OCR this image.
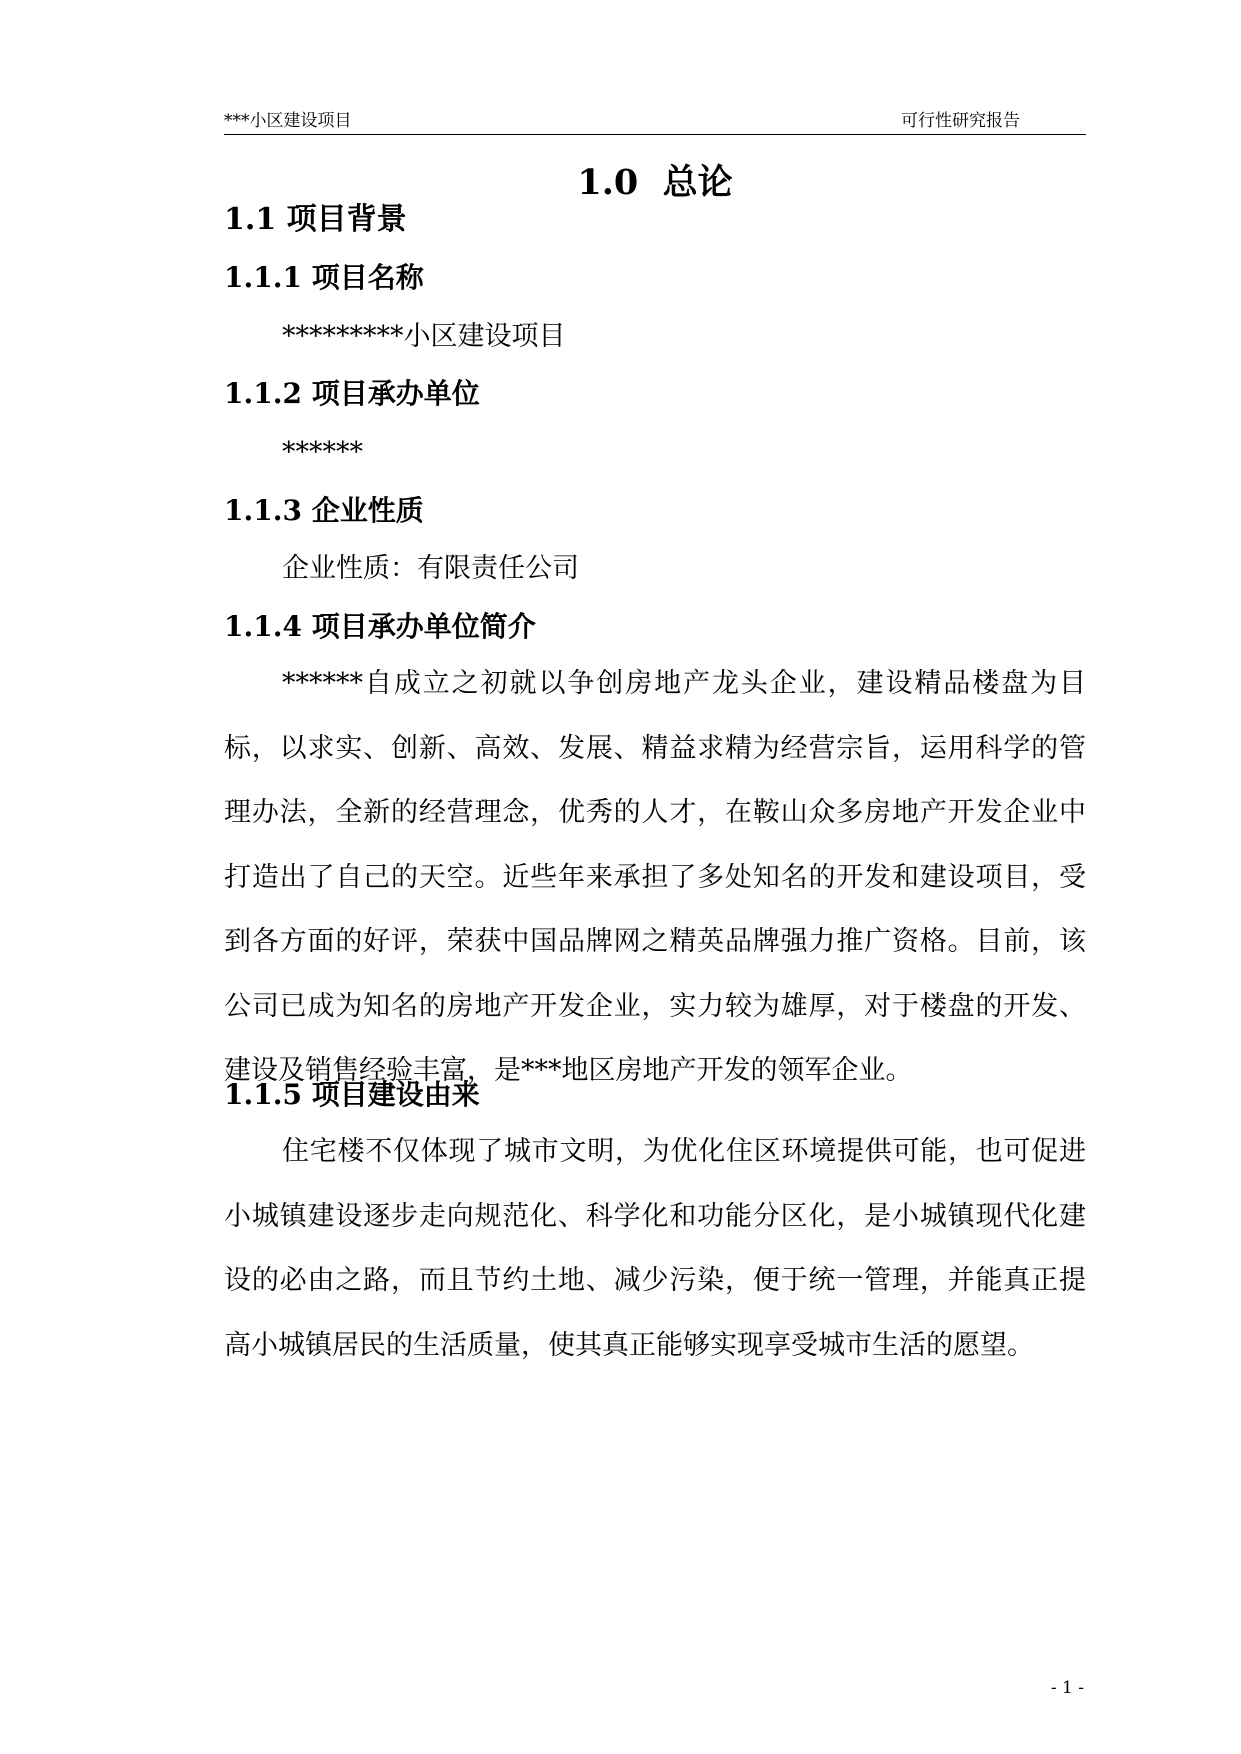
***小区建设项目	可行性研究报告
1.0  总论
1.1 项目背景
1.1.1 项目名称

*********小区建设项目

1.1.2 项目承办单位

******

1.1.3 企业性质

企业性质：有限责任公司

1.1.4 项目承办单位简介

******自成立之初就以争创房地产龙头企业，建设精品楼盘为目标，以求实、创新、高效、发展、精益求精为经营宗旨，运用科学的管理办法，全新的经营理念，优秀的人才，在鞍山众多房地产开发企业中打造出了自己的天空。近些年来承担了多处知名的开发和建设项目，受到各方面的好评，荣获中国品牌网之精英品牌强力推广资格。目前，该公司已成为知名的房地产开发企业，实力较为雄厚，对于楼盘的开发、建设及销售经验丰富，是***地区房地产开发的领军企业。

1.1.5 项目建设由来

住宅楼不仅体现了城市文明，为优化住区环境提供可能，也可促进小城镇建设逐步走向规范化、科学化和功能分区化，是小城镇现代化建设的必由之路，而且节约土地、减少污染，便于统一管理，并能真正提高小城镇居民的生活质量，使其真正能够实现享受城市生活的愿望。

- 1 -
